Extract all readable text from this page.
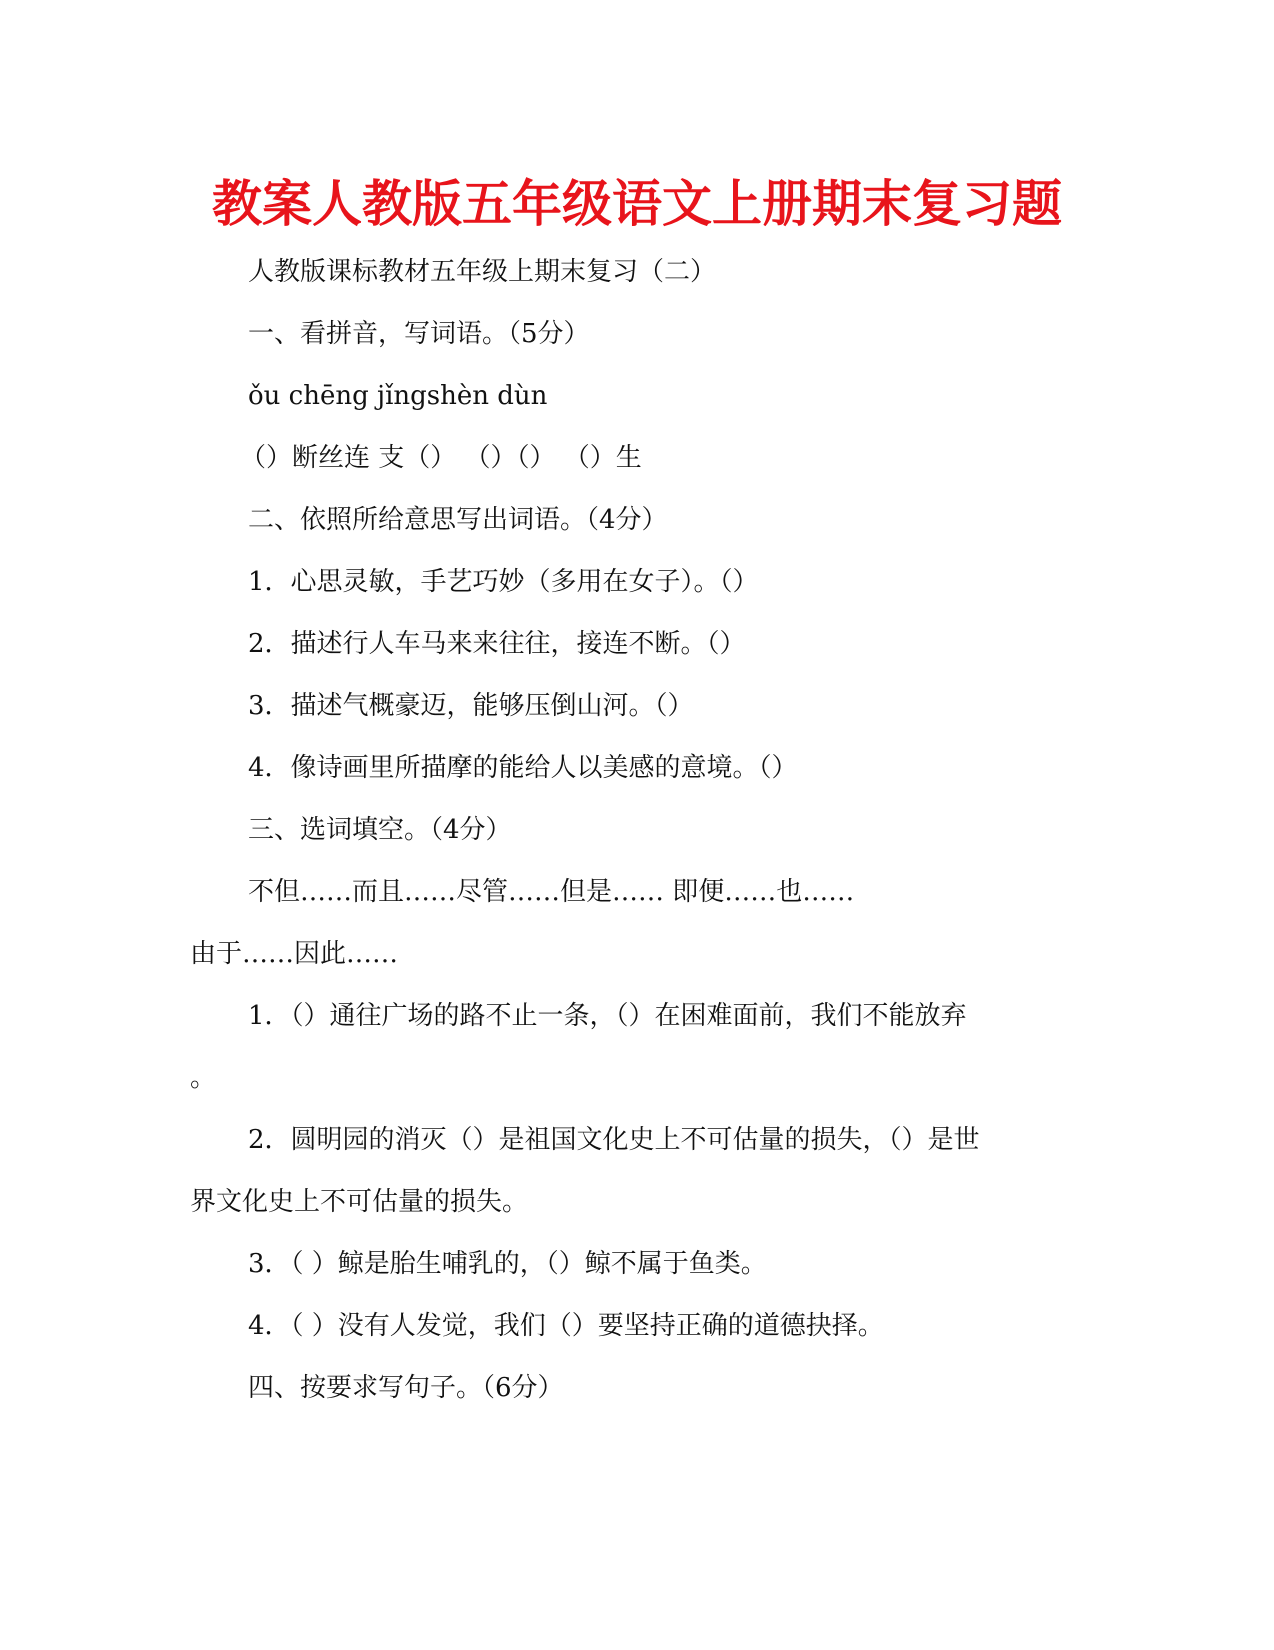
教案人教版五年级语文上册期末复习题
人教版课标教材五年级上期末复习（二）
一、看拼音，写词语。（5分）
ǒu chēng jǐngshèn dùn
（）断丝连 支（） （）（） （）生
二、依照所给意思写出词语。（4分）
1．心思灵敏，手艺巧妙（多用在女子）。（）
2．描述行人车马来来往往，接连不断。（）
3．描述气概豪迈，能够压倒山河。（）
4．像诗画里所描摩的能给人以美感的意境。（）
三、选词填空。（4分）
不但……而且……尽管……但是…… 即便……也……
由于……因此……
1．（）通往广场的路不止一条，（）在困难面前，我们不能放弃
。
2．圆明园的消灭（）是祖国文化史上不可估量的损失，（）是世
界文化史上不可估量的损失。
3．（ ）鲸是胎生哺乳的，（）鲸不属于鱼类。
4．（ ）没有人发觉，我们（）要坚持正确的道德抉择。
四、按要求写句子。（6分）
